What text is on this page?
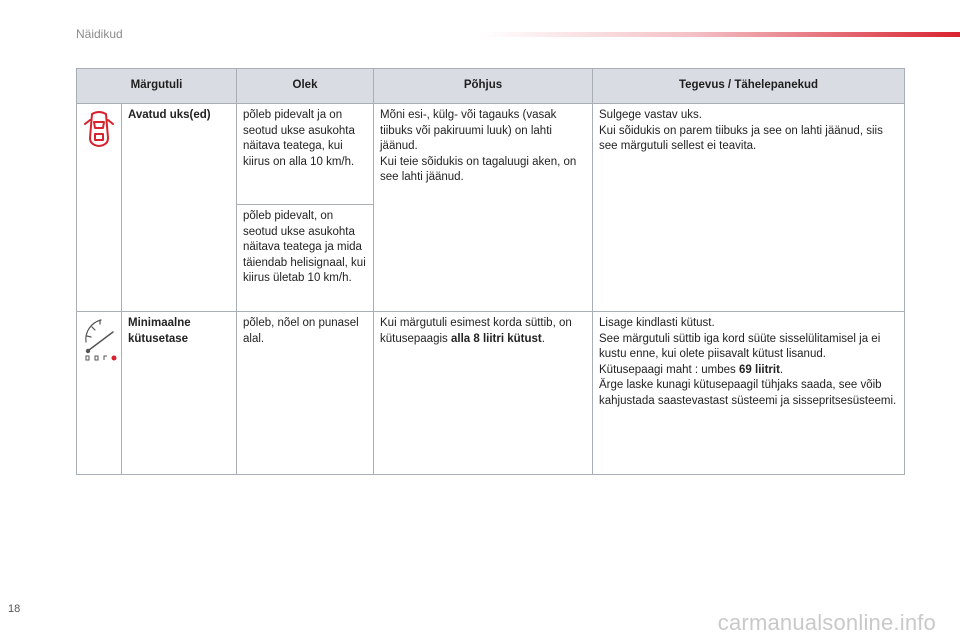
Näidikud
Märgutuli		Olek	Põhjus	Tegevus / Tähelepanekud
	Avatud uks(ed)	põleb pidevalt ja on seotud ukse asukohta näitava teatega, kui kiirus on alla 10 km/h.	Mõni esi-, külg- või tagauks (vasak tiibuks või pakiruumi luuk) on lahti jäänud.
Kui teie sõidukis on tagaluugi aken, on see lahti jäänud.	Sulgege vastav uks.
Kui sõidukis on parem tiibuks ja see on lahti jäänud, siis see märgutuli sellest ei teavita.

		põleb pidevalt, on seotud ukse asukohta näitava teatega ja mida täiendab helisignaal, kui kiirus ületab 10 km/h.		
	Minimaalne kütusetase	põleb, nõel on punasel alal.	Kui märgutuli esimest korda süttib, on kütusepaagis alla 8 liitri kütust.	Lisage kindlasti kütust.
See märgutuli süttib iga kord süüte sisselülitamisel ja ei kustu enne, kui olete piisavalt kütust lisanud.
Kütusepaagi maht : umbes 69 liitrit.
Ärge laske kunagi kütusepaagil tühjaks saada, see võib kahjustada saastevastast süsteemi ja sissepritsesüsteemi.
18
carmanualsonline.info
